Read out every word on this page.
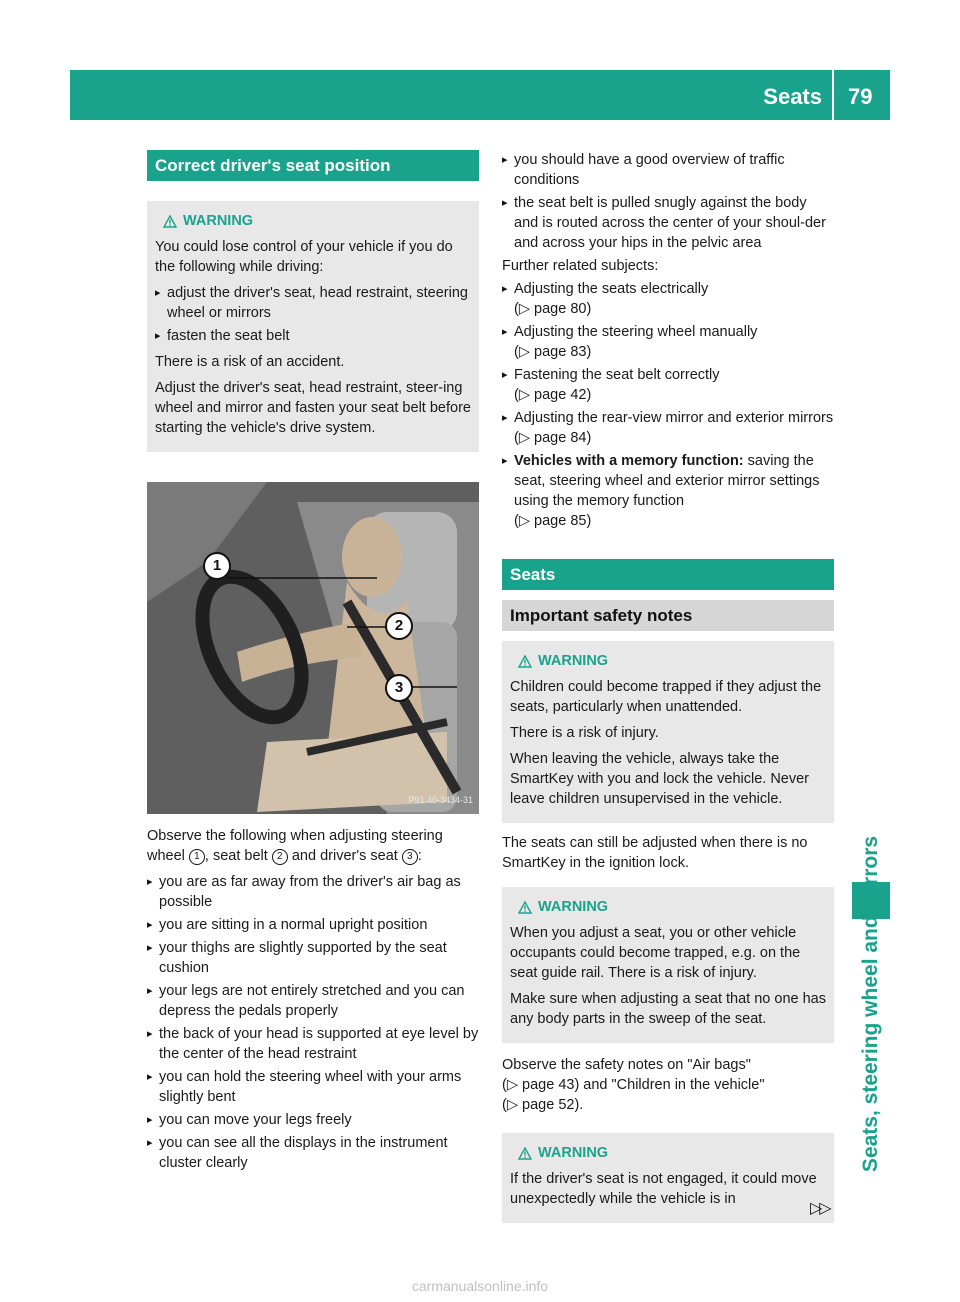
Seats 79
Seats, steering wheel and mirrors
Correct driver's seat position
WARNING

You could lose control of your vehicle if you do the following while driving:

▸ adjust the driver's seat, head restraint, steering wheel or mirrors
▸ fasten the seat belt

There is a risk of an accident.

Adjust the driver's seat, head restraint, steer-ing wheel and mirror and fasten your seat belt before starting the vehicle's drive system.

1
2
3
P91.40-3434-31

Observe the following when adjusting steering wheel 1 , seat belt 2 and driver's seat 3 :

▸ you are as far away from the driver's air bag as possible
▸ you are sitting in a normal upright position
▸ your thighs are slightly supported by the seat cushion
▸ your legs are not entirely stretched and you can depress the pedals properly
▸ the back of your head is supported at eye level by the center of the head restraint
▸ you can hold the steering wheel with your arms slightly bent
▸ you can move your legs freely
▸ you can see all the displays in the instrument cluster clearly
▸ you should have a good overview of traffic conditions
▸ the seat belt is pulled snugly against the body and is routed across the center of your shoul-der and across your hips in the pelvic area

Further related subjects:

▸ Adjusting the seats electrically
(▷ page 80)
▸ Adjusting the steering wheel manually
(▷ page 83)
▸ Fastening the seat belt correctly
(▷ page 42)
▸ Adjusting the rear-view mirror and exterior mirrors (▷ page 84)
▸ Vehicles with a memory function: saving the seat, steering wheel and exterior mirror settings using the memory function
(▷ page 85)
Seats
Important safety notes
WARNING

Children could become trapped if they adjust the seats, particularly when unattended.

There is a risk of injury.

When leaving the vehicle, always take the SmartKey with you and lock the vehicle. Never leave children unsupervised in the vehicle.

The seats can still be adjusted when there is no SmartKey in the ignition lock.

WARNING

When you adjust a seat, you or other vehicle occupants could become trapped, e.g. on the seat guide rail. There is a risk of injury.

Make sure when adjusting a seat that no one has any body parts in the sweep of the seat.

Observe the safety notes on "Air bags"
(▷ page 43) and "Children in the vehicle"
(▷ page 52).

WARNING

If the driver's seat is not engaged, it could move unexpectedly while the vehicle is in

▷▷
carmanualsonline.info
